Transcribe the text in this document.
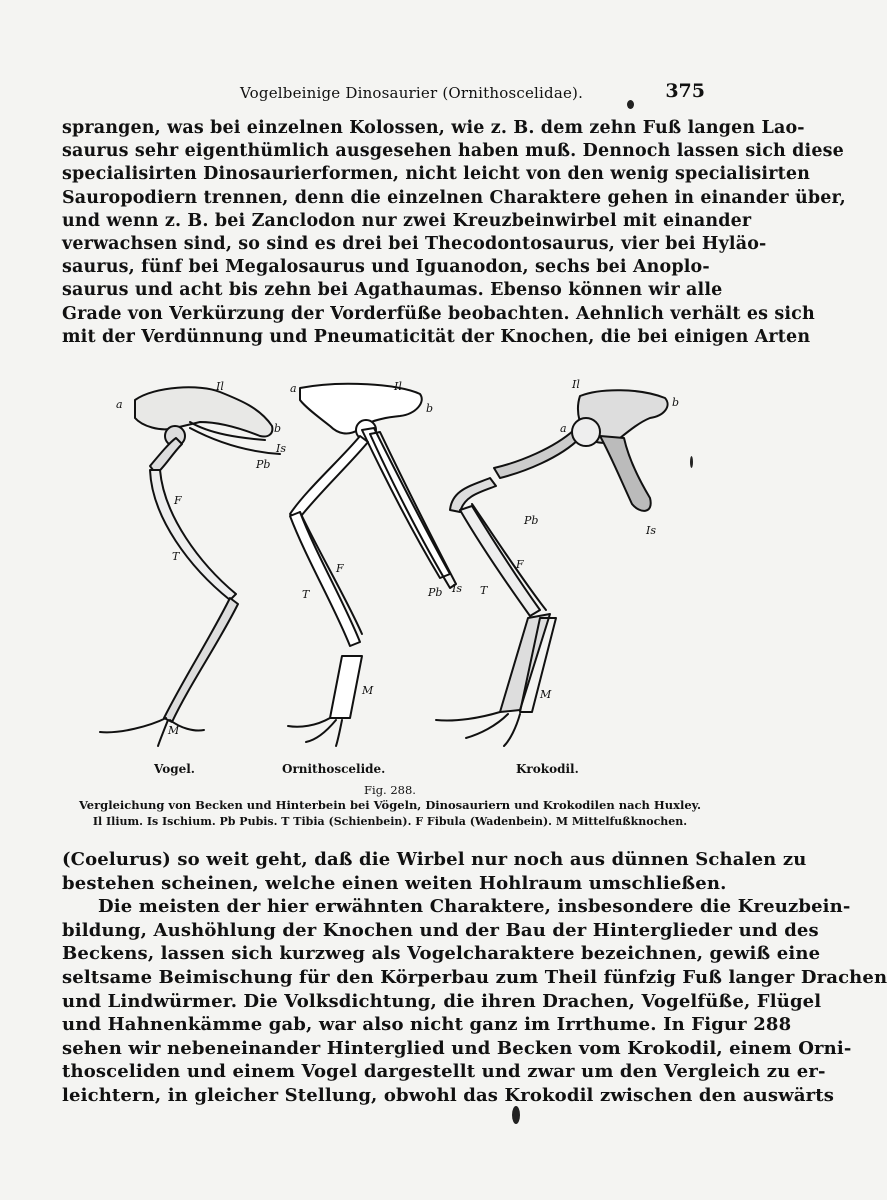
Vogelbeinige Dinosaurier (Ornithoscelidae).	375
sprangen, was bei einzelnen Kolossen, wie z. B. dem zehn Fuß langen Lao-
saurus sehr eigenthümlich ausgesehen haben muß. Dennoch lassen sich diese
specialisirten Dinosaurierformen, nicht leicht von den wenig specialisirten
Sauropodiern trennen, denn die einzelnen Charaktere gehen in einander über,
und wenn z. B. bei Zanclodon nur zwei Kreuzbeinwirbel mit einander
verwachsen sind, so sind es drei bei Thecodontosaurus, vier bei Hyläo-
saurus, fünf bei Megalosaurus und Iguanodon, sechs bei Anoplo-
saurus und acht bis zehn bei Agathaumas. Ebenso können wir alle
Grade von Verkürzung der Vorderfüße beobachten. Aehnlich verhält es sich
mit der Verdünnung und Pneumaticität der Knochen, die bei einigen Arten
Il
a
b
Is
Pb
F
T
M
Il
a
b
F
T	Pb Is
M
Il
a
b
Pb
Is
F
T
M
Vogel.	Ornithoscelide.	Krokodil.
Fig. 288.
Vergleichung von Becken und Hinterbein bei Vögeln, Dinosauriern und Krokodilen nach Huxley.
Il Ilium. Is Ischium. Pb Pubis. T Tibia (Schienbein). F Fibula (Wadenbein). M Mittelfußknochen.
(Coelurus) so weit geht, daß die Wirbel nur noch aus dünnen Schalen zu
bestehen scheinen, welche einen weiten Hohlraum umschließen.
Die meisten der hier erwähnten Charaktere, insbesondere die Kreuzbein-
bildung, Aushöhlung der Knochen und der Bau der Hinterglieder und des
Beckens, lassen sich kurzweg als Vogelcharaktere bezeichnen, gewiß eine
seltsame Beimischung für den Körperbau zum Theil fünfzig Fuß langer Drachen
und Lindwürmer. Die Volksdichtung, die ihren Drachen, Vogelfüße, Flügel
und Hahnenkämme gab, war also nicht ganz im Irrthume. In Figur 288
sehen wir nebeneinander Hinterglied und Becken vom Krokodil, einem Orni-
thosceliden und einem Vogel dargestellt und zwar um den Vergleich zu er-
leichtern, in gleicher Stellung, obwohl das Krokodil zwischen den auswärts
